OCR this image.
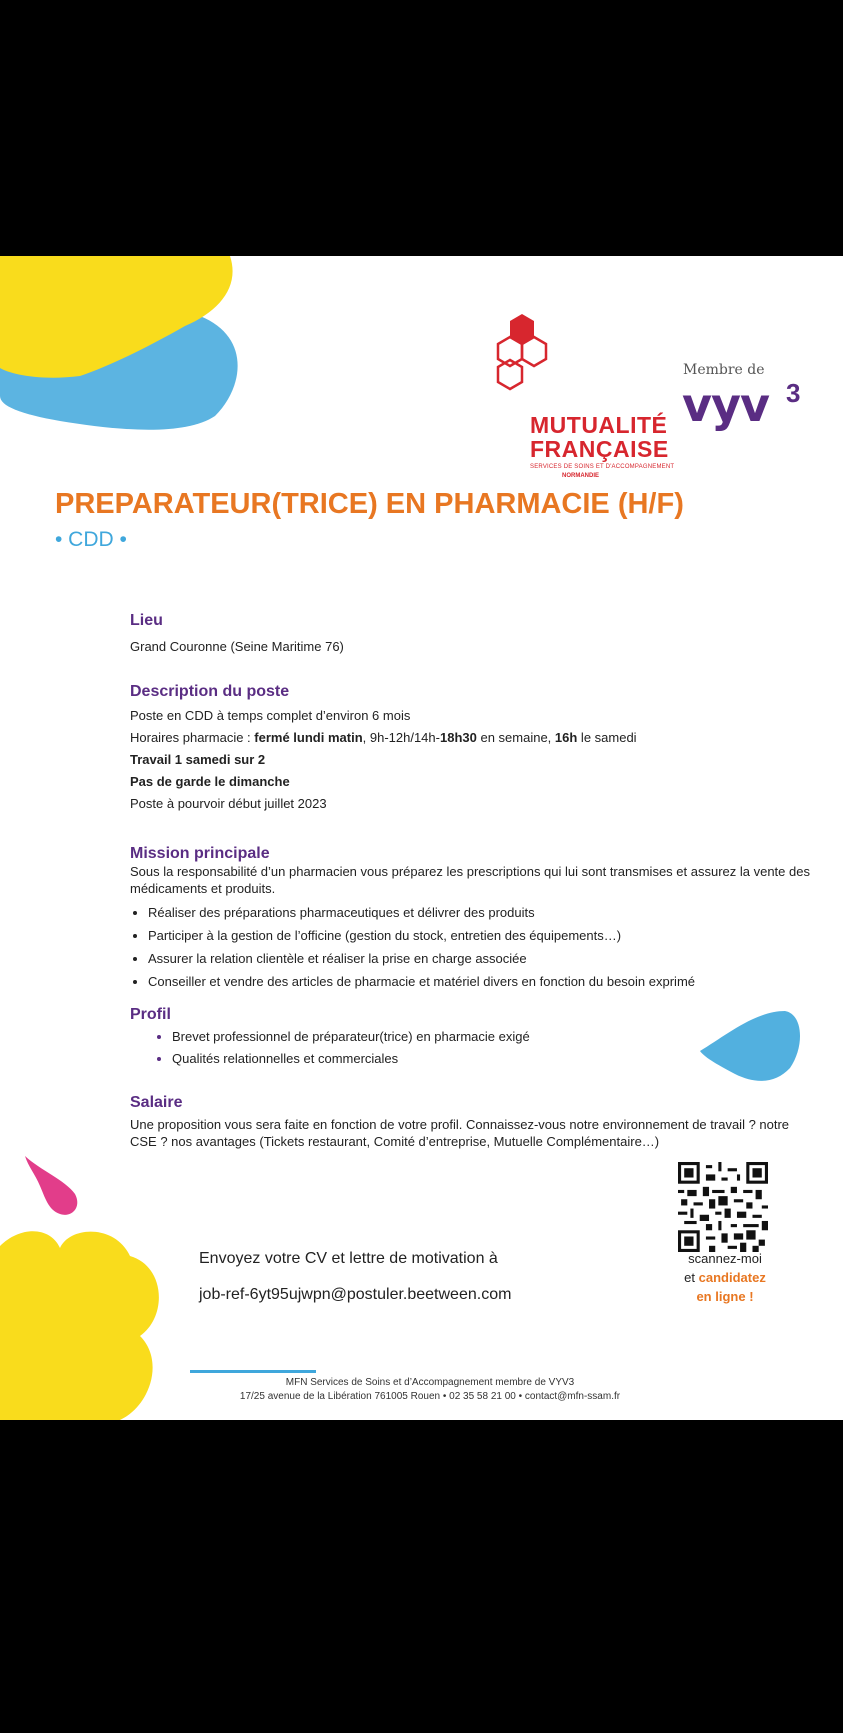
MUTUALITÉ
FRANÇAISE
SERVICES DE SOINS ET D'ACCOMPAGNEMENT
NORMANDIE
Membre de
vyv 3
PREPARATEUR(TRICE) EN PHARMACIE (H/F)
• CDD •

Lieu

Grand Couronne (Seine Maritime 76)

Description du poste

Poste en CDD à temps complet d’environ 6 mois

Horaires pharmacie : fermé lundi matin, 9h-12h/14h-18h30 en semaine, 16h le samedi

Travail 1 samedi sur 2

Pas de garde le dimanche

Poste à pourvoir début juillet 2023

Mission principale

Sous la responsabilité d’un pharmacien vous préparez les prescriptions qui lui sont transmises et assurez la vente des médicaments et produits.

• Réaliser des préparations pharmaceutiques et délivrer des produits
• Participer à la gestion de l’officine (gestion du stock, entretien des équipements…)
• Assurer la relation clientèle et réaliser la prise en charge associée
• Conseiller et vendre des articles de pharmacie et matériel divers en fonction du besoin exprimé

Profil

• Brevet professionnel de préparateur(trice) en pharmacie exigé
• Qualités relationnelles et commerciales

Salaire

Une proposition vous sera faite en fonction de votre profil. Connaissez-vous notre environnement de travail ? notre CSE ? nos avantages (Tickets restaurant, Comité d’entreprise, Mutuelle Complémentaire…)

Envoyez votre CV et lettre de motivation à
job-ref-6yt95ujwpn@postuler.beetween.com
scannez-moi
et candidatez
en ligne !
MFN Services de Soins et d’Accompagnement membre de VYV3
17/25 avenue de la Libération 761005 Rouen • 02 35 58 21 00 • contact@mfn-ssam.fr
